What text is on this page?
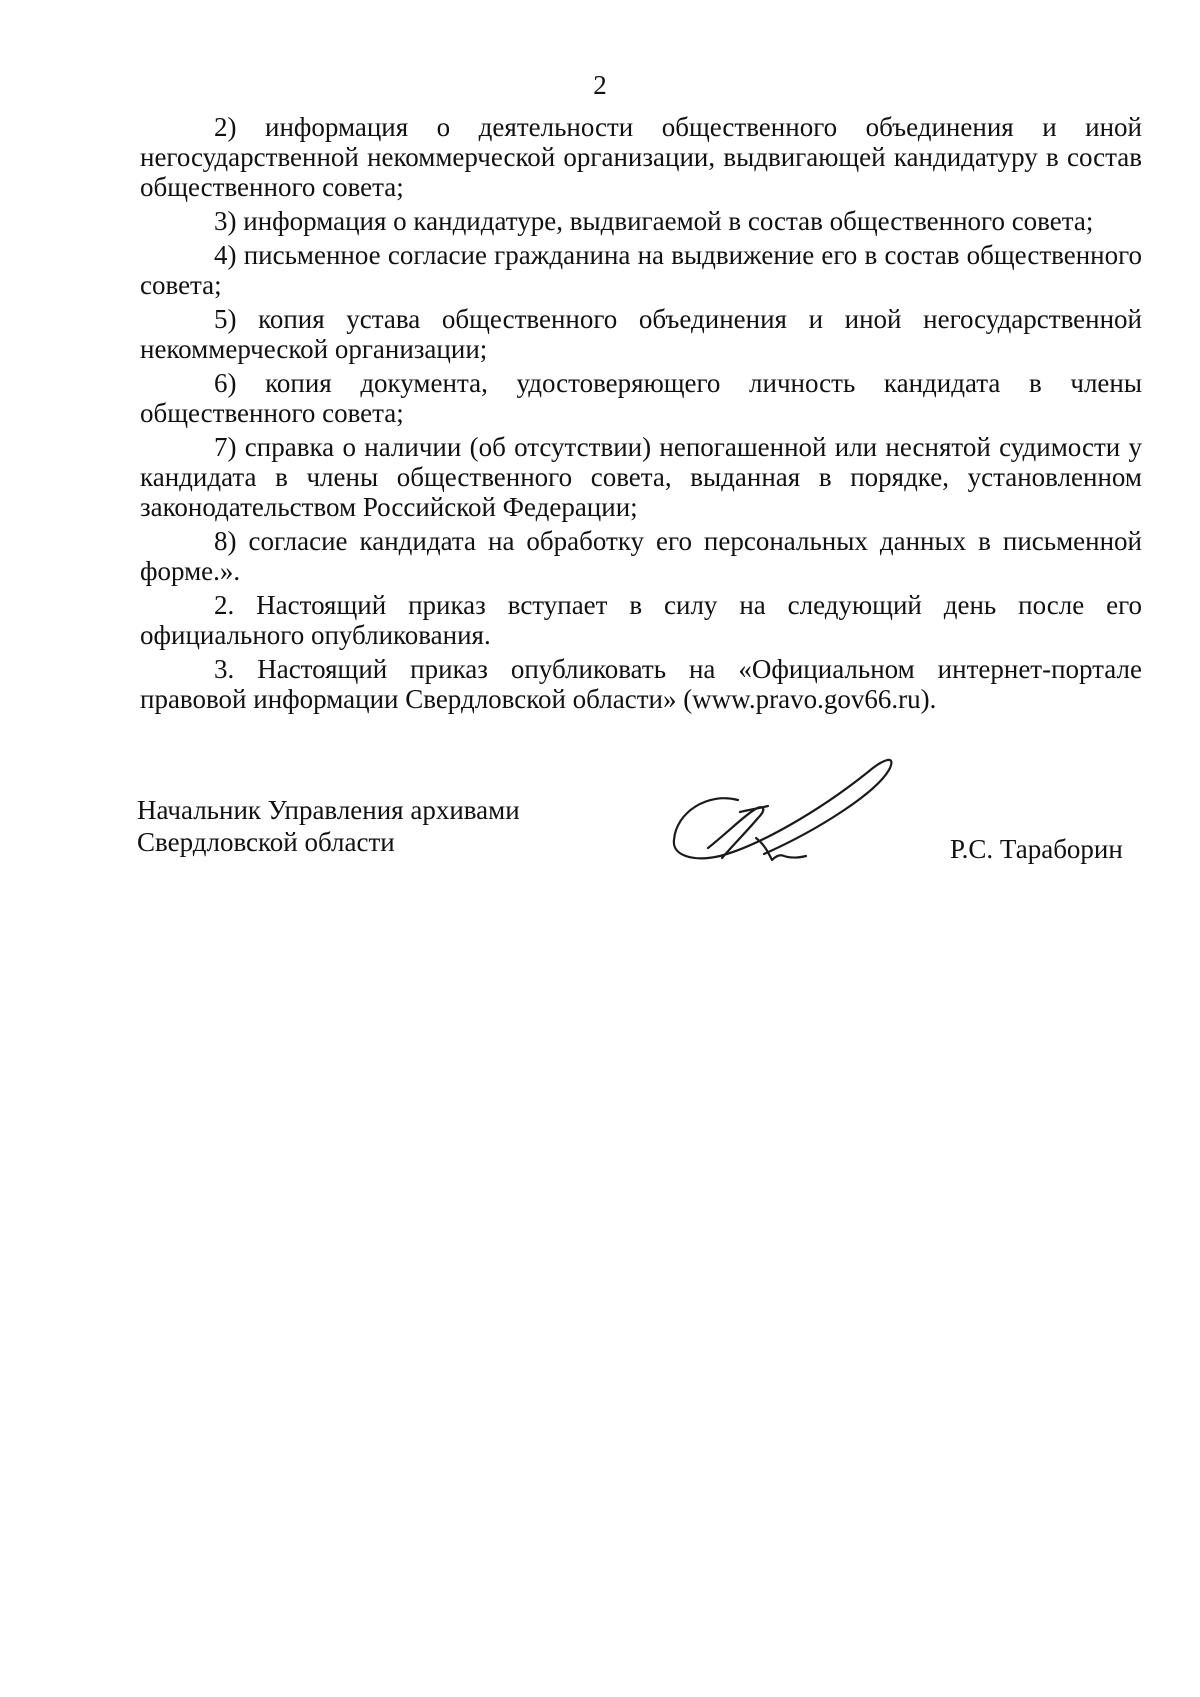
2

2) информация о деятельности общественного объединения и иной негосударственной некоммерческой организации, выдвигающей кандидатуру в состав общественного совета;

3) информация о кандидатуре, выдвигаемой в состав общественного совета;

4) письменное согласие гражданина на выдвижение его в состав общественного совета;

5) копия устава общественного объединения и иной негосударственной некоммерческой организации;

6) копия документа, удостоверяющего личность кандидата в члены общественного совета;

7) справка о наличии (об отсутствии) непогашенной или неснятой судимости у кандидата в члены общественного совета, выданная в порядке, установленном законодательством Российской Федерации;

8) согласие кандидата на обработку его персональных данных в письменной форме.».

2. Настоящий приказ вступает в силу на следующий день после его официального опубликования.

3. Настоящий приказ опубликовать на «Официальном интернет-портале правовой информации Свердловской области» (www.pravo.gov66.ru).

Начальник Управления архивами
Свердловской области	Р.С. Тараборин
